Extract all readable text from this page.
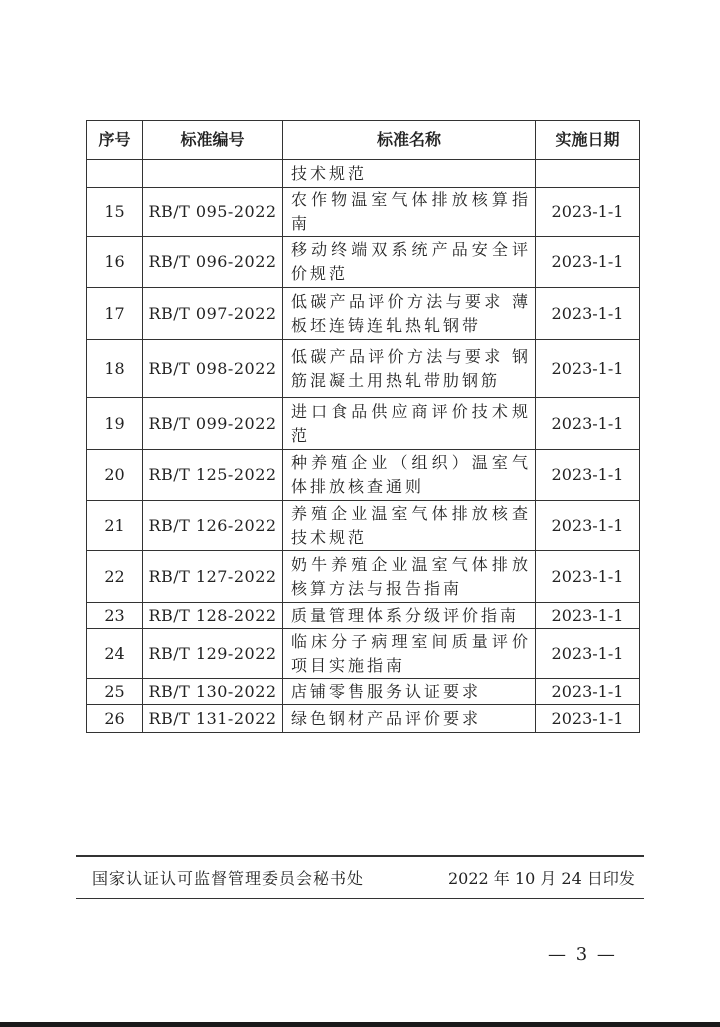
序号	标准编号	标准名称	实施日期
		技术规范	
15	RB/T 095-2022	农作物温室气体排放核算指南	2023-1-1
16	RB/T 096-2022	移动终端双系统产品安全评价规范	2023-1-1
17	RB/T 097-2022	低碳产品评价方法与要求 薄板坯连铸连轧热轧钢带	2023-1-1
18	RB/T 098-2022	低碳产品评价方法与要求 钢筋混凝土用热轧带肋钢筋	2023-1-1
19	RB/T 099-2022	进口食品供应商评价技术规范	2023-1-1
20	RB/T 125-2022	种养殖企业（组织）温室气体排放核查通则	2023-1-1
21	RB/T 126-2022	养殖企业温室气体排放核查技术规范	2023-1-1
22	RB/T 127-2022	奶牛养殖企业温室气体排放核算方法与报告指南	2023-1-1
23	RB/T 128-2022	质量管理体系分级评价指南	2023-1-1
24	RB/T 129-2022	临床分子病理室间质量评价项目实施指南	2023-1-1
25	RB/T 130-2022	店铺零售服务认证要求	2023-1-1
26	RB/T 131-2022	绿色钢材产品评价要求	2023-1-1
国家认证认可监督管理委员会秘书处	2022 年 10 月 24 日印发
— 3 —
